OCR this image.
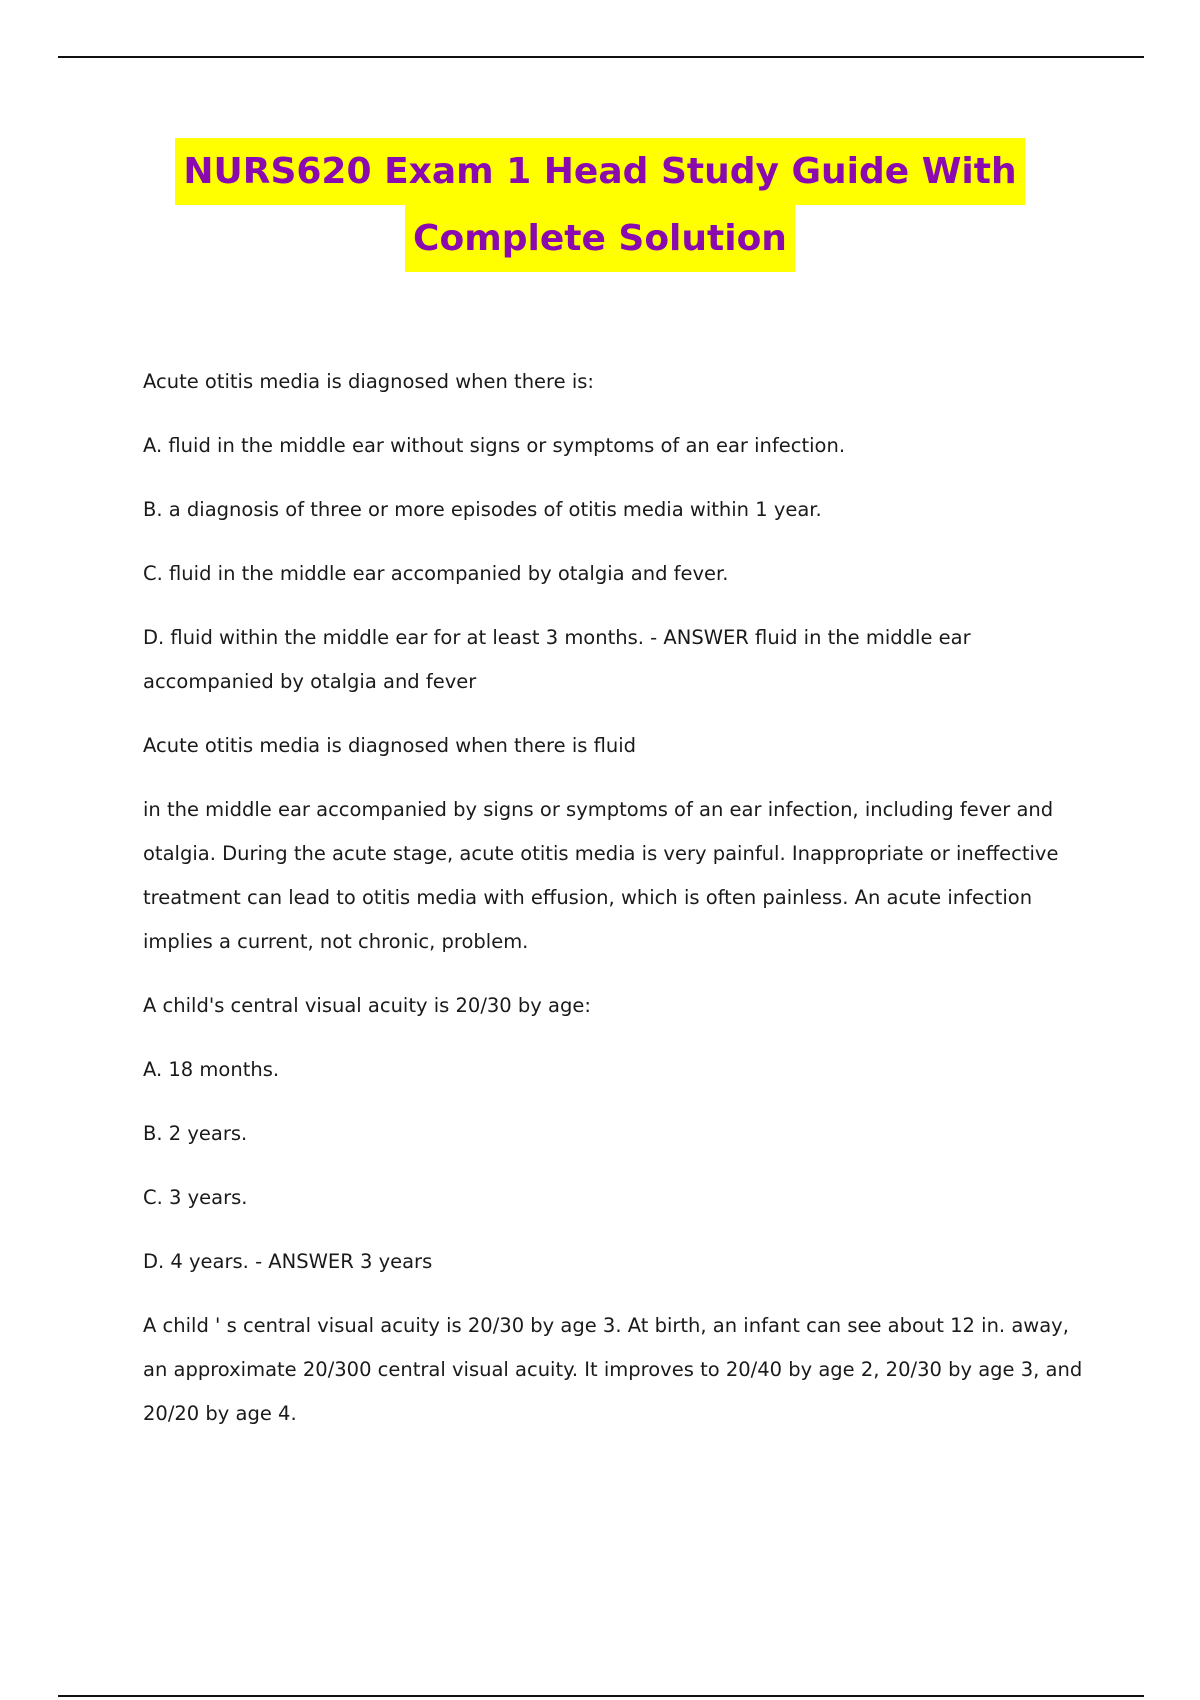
NURS620 Exam 1 Head Study Guide With
Complete Solution

Acute otitis media is diagnosed when there is:

A. fluid in the middle ear without signs or symptoms of an ear infection.

B. a diagnosis of three or more episodes of otitis media within 1 year.

C. fluid in the middle ear accompanied by otalgia and fever.

D. fluid within the middle ear for at least 3 months. - ANSWER fluid in the middle ear accompanied by otalgia and fever

Acute otitis media is diagnosed when there is fluid

in the middle ear accompanied by signs or symptoms of an ear infection, including fever and otalgia. During the acute stage, acute otitis media is very painful. Inappropriate or ineffective treatment can lead to otitis media with effusion, which is often painless. An acute infection implies a current, not chronic, problem.

A child's central visual acuity is 20/30 by age:

A. 18 months.

B. 2 years.

C. 3 years.

D. 4 years. - ANSWER 3 years

A child ' s central visual acuity is 20/30 by age 3. At birth, an infant can see about 12 in. away, an approximate 20/300 central visual acuity. It improves to 20/40 by age 2, 20/30 by age 3, and 20/20 by age 4.
